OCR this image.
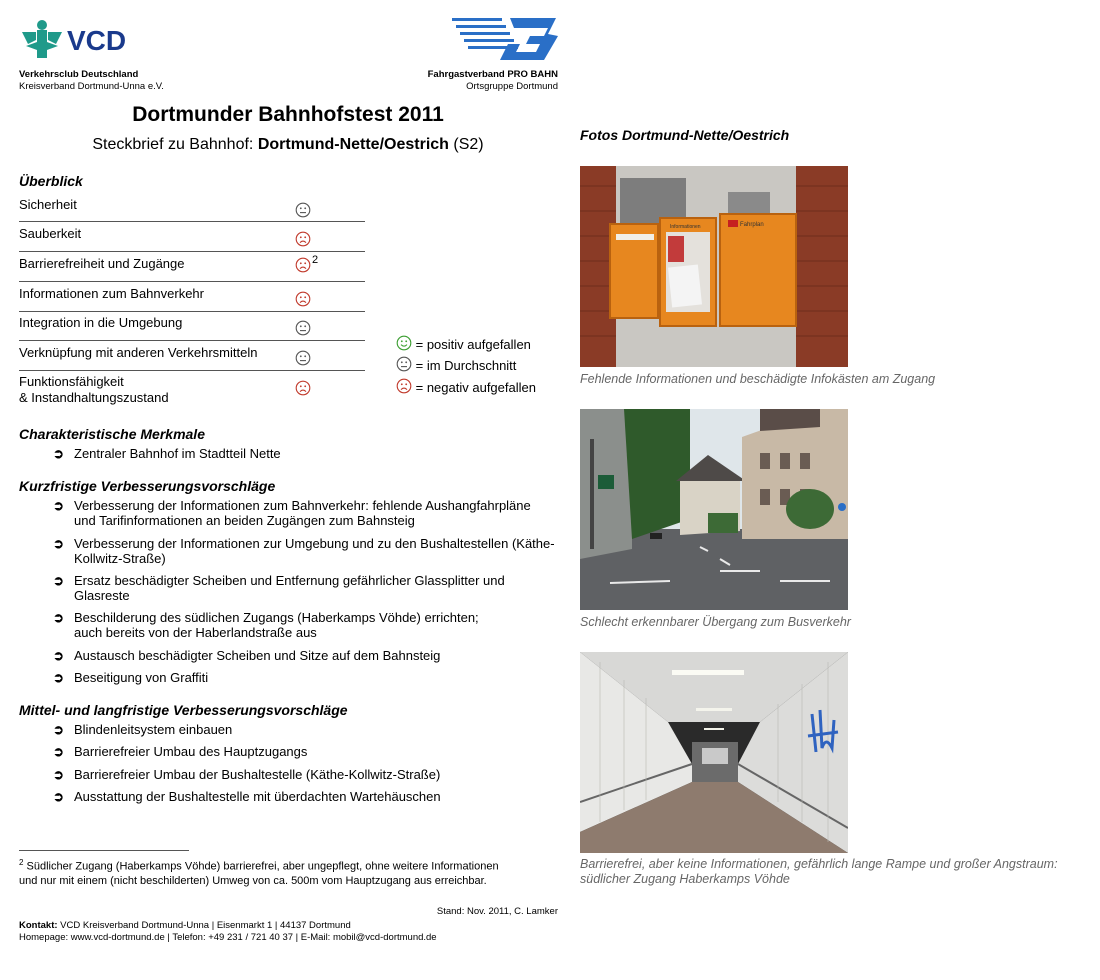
VCD
Verkehrsclub Deutschland
Kreisverband Dortmund-Unna e.V.
Fahrgastverband PRO BAHN
Ortsgruppe Dortmund
Dortmunder Bahnhofstest 2011
Steckbrief zu Bahnhof: Dortmund-Nette/Oestrich (S2)
Überblick
Sicherheit
Sauberkeit
Barrierefreiheit und Zugänge	2
Informationen zum Bahnverkehr
Integration in die Umgebung
Verknüpfung mit anderen Verkehrsmitteln
Funktionsfähigkeit
& Instandhaltungszustand
= positiv aufgefallen
= im Durchschnitt
= negativ aufgefallen
Charakteristische Merkmale
➲ Zentraler Bahnhof im Stadtteil Nette
Kurzfristige Verbesserungsvorschläge
➲ Verbesserung der Informationen zum Bahnverkehr: fehlende Aushangfahrpläne
und Tarifinformationen an beiden Zugängen zum Bahnsteig
➲ Verbesserung der Informationen zur Umgebung und zu den Bushaltestellen (Käthe-
Kollwitz-Straße)
➲ Ersatz beschädigter Scheiben und Entfernung gefährlicher Glassplitter und
Glasreste
➲ Beschilderung des südlichen Zugangs (Haberkamps Vöhde) errichten;
auch bereits von der Haberlandstraße aus
➲ Austausch beschädigter Scheiben und Sitze auf dem Bahnsteig
➲ Beseitigung von Graffiti
Mittel- und langfristige Verbesserungsvorschläge
➲ Blindenleitsystem einbauen
➲ Barrierefreier Umbau des Hauptzugangs
➲ Barrierefreier Umbau der Bushaltestelle (Käthe-Kollwitz-Straße)
➲ Ausstattung der Bushaltestelle mit überdachten Wartehäuschen
$^2$ Südlicher Zugang (Haberkamps Vöhde) barrierefrei, aber ungepflegt, ohne weitere Informationen
und nur mit einem (nicht beschilderten) Umweg von ca. 500m vom Hauptzugang aus erreichbar.
Stand: Nov. 2011, C. Lamker
Kontakt: VCD Kreisverband Dortmund-Unna | Eisenmarkt 1 | 44137 Dortmund
Homepage: www.vcd-dortmund.de | Telefon: +49 231 / 721 40 37 | E-Mail: mobil@vcd-dortmund.de
Fotos Dortmund-Nette/Oestrich
Informationen	Fahrplan
Fehlende Informationen und beschädigte Infokästen am Zugang
Schlecht erkennbarer Übergang zum Busverkehr
Barrierefrei, aber keine Informationen, gefährlich lange Rampe und großer Angstraum:
südlicher Zugang Haberkamps Vöhde
